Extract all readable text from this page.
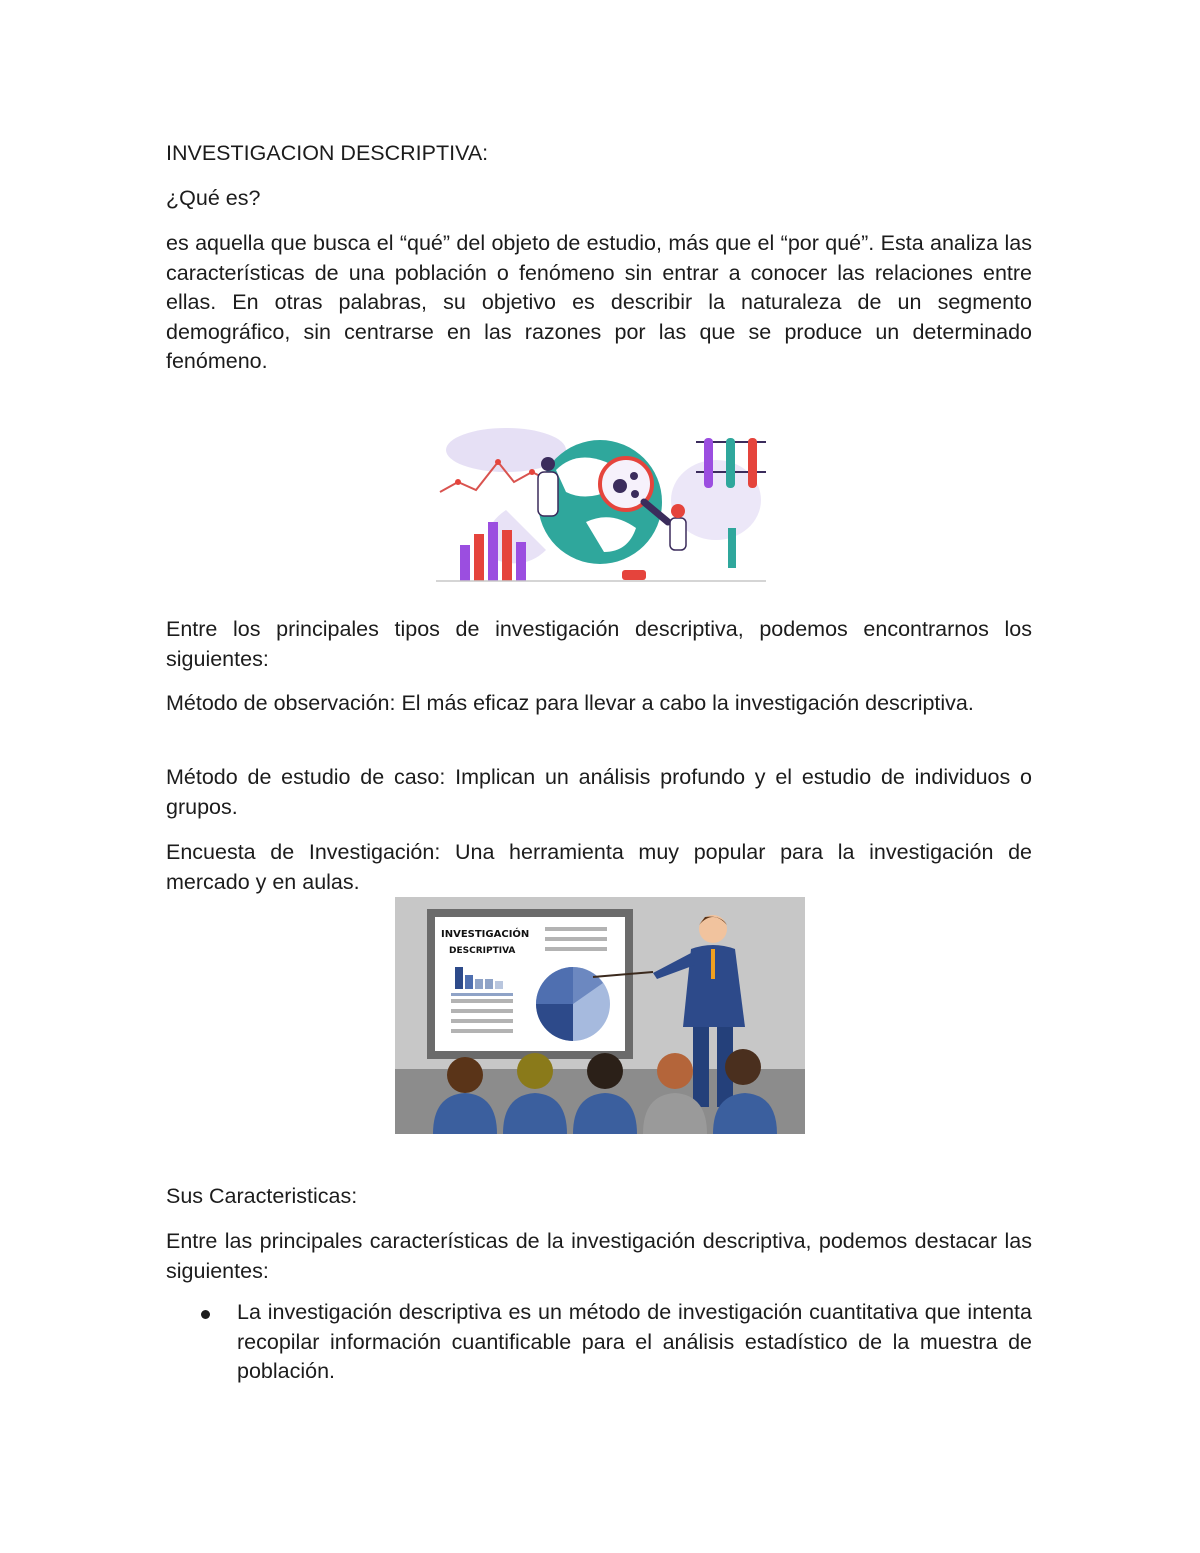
INVESTIGACION DESCRIPTIVA:

¿Qué es?

es aquella que busca el “qué” del objeto de estudio, más que el “por qué”. Esta analiza las características de una población o fenómeno sin entrar a conocer las relaciones entre ellas. En otras palabras, su objetivo es describir la naturaleza de un segmento demográfico, sin centrarse en las razones por las que se produce un determinado fenómeno.

Entre los principales tipos de investigación descriptiva, podemos encontrarnos los siguientes:

Método de observación: El más eficaz para llevar a cabo la investigación descriptiva.

Método de estudio de caso: Implican un análisis profundo y el estudio de individuos o grupos.

Encuesta de Investigación: Una herramienta muy popular para la investigación de mercado y en aulas.

INVESTIGACIÓN
DESCRIPTIVA

Sus Caracteristicas:

Entre las principales características de la investigación descriptiva, podemos destacar las siguientes:

La investigación descriptiva es un método de investigación cuantitativa que intenta recopilar información cuantificable para el análisis estadístico de la muestra de población.
